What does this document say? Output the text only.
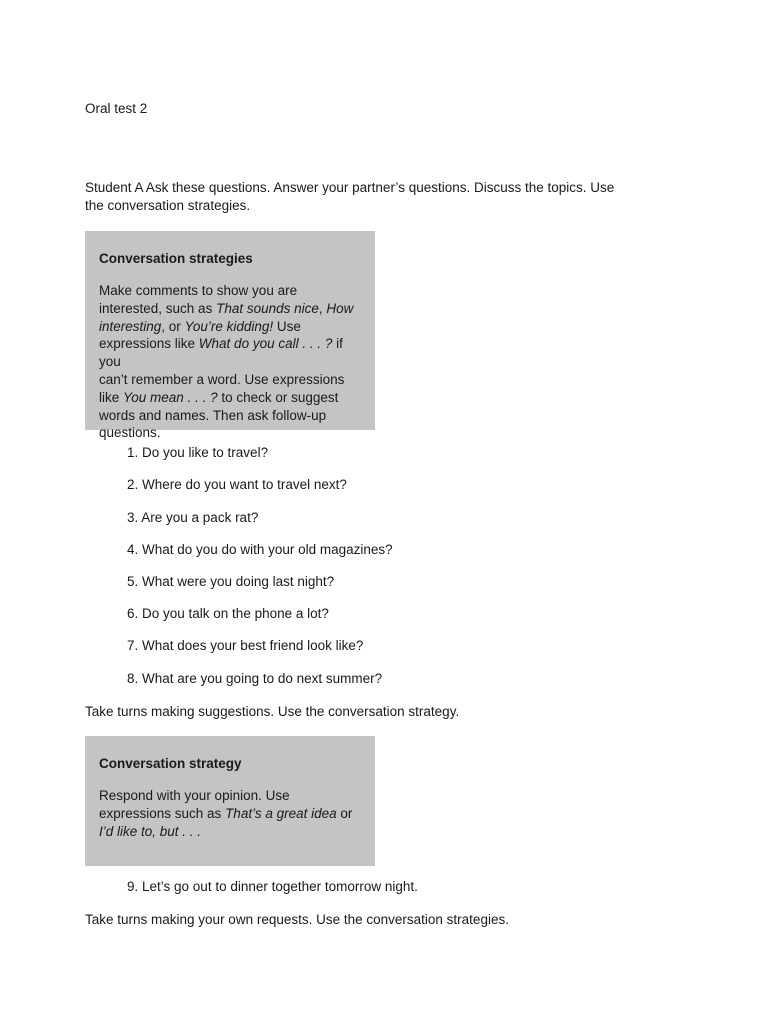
Oral test 2
Student A Ask these questions. Answer your partner’s questions. Discuss the topics. Use the conversation strategies.
Conversation strategies
Make comments to show you are interested, such as That sounds nice, How interesting, or You’re kidding! Use expressions like What do you call . . . ? if you
can’t remember a word. Use expressions like You mean . . . ? to check or suggest words and names. Then ask follow-up questions.
1. Do you like to travel?
2. Where do you want to travel next?
3. Are you a pack rat?
4. What do you do with your old magazines?
5. What were you doing last night?
6. Do you talk on the phone a lot?
7. What does your best friend look like?
8. What are you going to do next summer?
Take turns making suggestions. Use the conversation strategy.
Conversation strategy
Respond with your opinion. Use expressions such as That’s a great idea or I’d like to, but . . .
9. Let’s go out to dinner together tomorrow night.
Take turns making your own requests. Use the conversation strategies.
